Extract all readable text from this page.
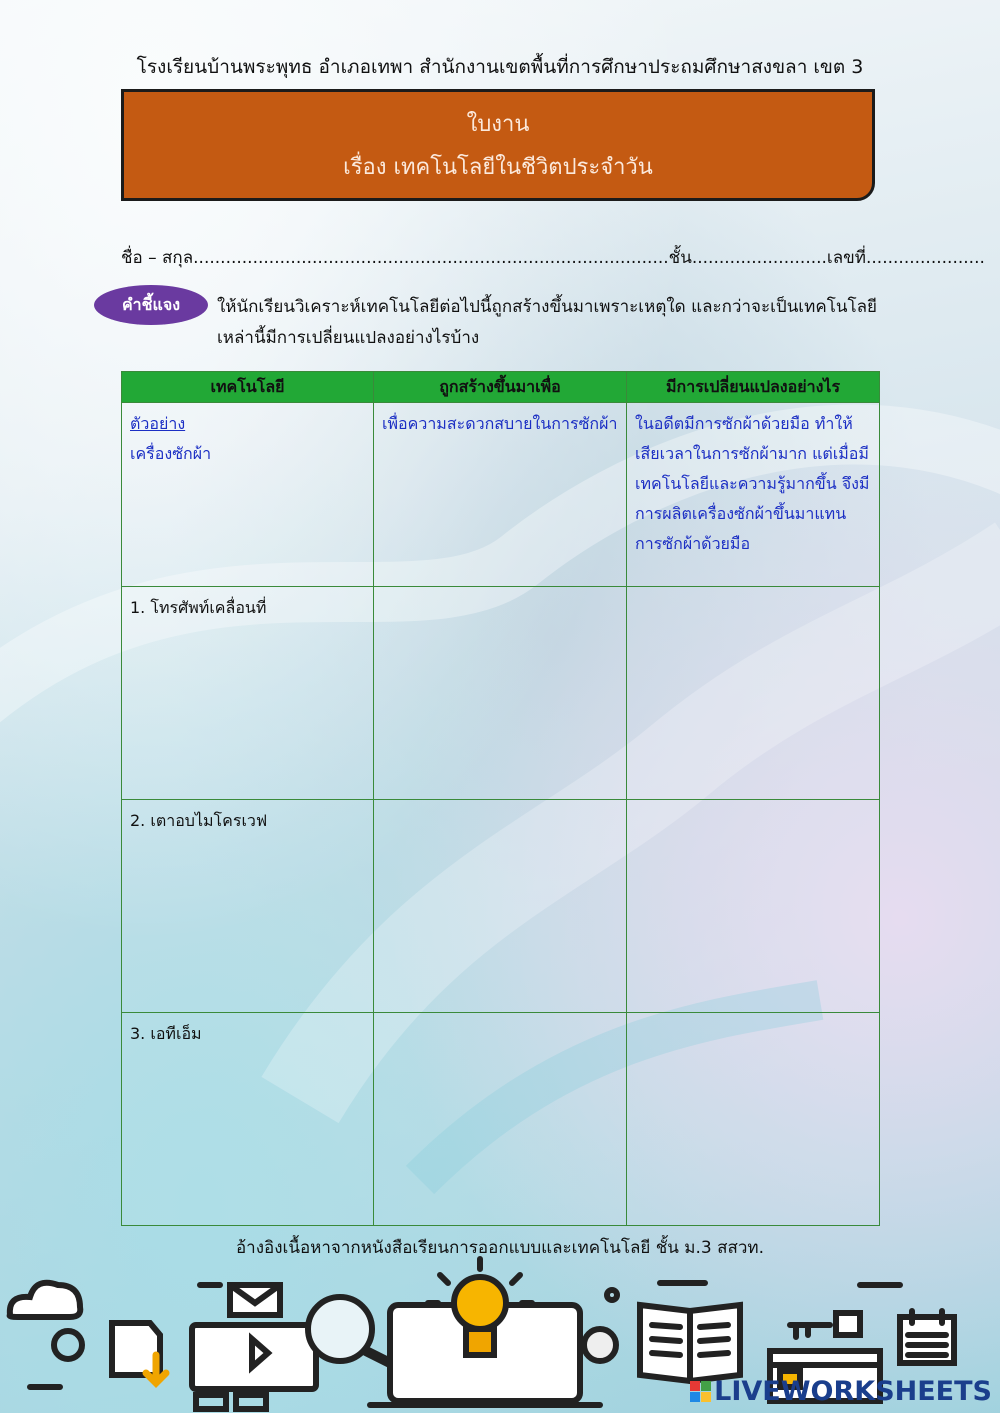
โรงเรียนบ้านพระพุทธ อำเภอเทพา สำนักงานเขตพื้นที่การศึกษาประถมศึกษาสงขลา เขต 3
ใบงาน
เรื่อง เทคโนโลยีในชีวิตประจำวัน
ชื่อ – สกุล........................................................................................ชั้น.........................เลขที่......................
คำชี้แจง	ให้นักเรียนวิเคราะห์เทคโนโลยีต่อไปนี้ถูกสร้างขึ้นมาเพราะเหตุใด และกว่าจะเป็นเทคโนโลยีเหล่านี้มีการเปลี่ยนแปลงอย่างไรบ้าง
เทคโนโลยี	ถูกสร้างขึ้นมาเพื่อ	มีการเปลี่ยนแปลงอย่างไร

ตัวอย่าง
เครื่องซักผ้า	เพื่อความสะดวกสบายในการซักผ้า	ในอดีตมีการซักผ้าด้วยมือ ทำให้เสียเวลาในการซักผ้ามาก แต่เมื่อมีเทคโนโลยีและความรู้มากขึ้น จึงมีการผลิตเครื่องซักผ้าขึ้นมาแทนการซักผ้าด้วยมือ
1. โทรศัพท์เคลื่อนที่		
2. เตาอบไมโครเวฟ		
3. เอทีเอ็ม		
อ้างอิงเนื้อหาจากหนังสือเรียนการออกแบบและเทคโนโลยี ชั้น ม.3 สสวท.
LIVEWORKSHEETS
